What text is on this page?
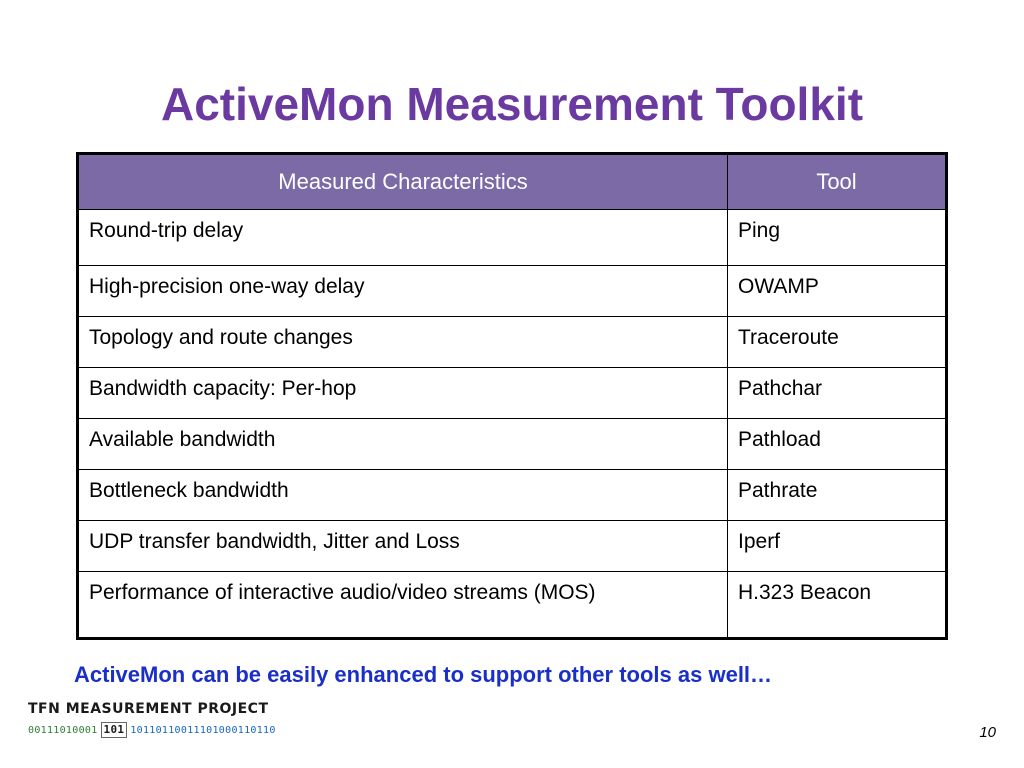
ActiveMon Measurement Toolkit
Measured Characteristics	Tool
Round-trip delay	Ping
High-precision one-way delay	OWAMP
Topology and route changes	Traceroute
Bandwidth capacity: Per-hop	Pathchar
Available bandwidth	Pathload
Bottleneck bandwidth	Pathrate
UDP transfer bandwidth, Jitter and Loss	Iperf
Performance of interactive audio/video streams (MOS)	H.323 Beacon
ActiveMon can be easily enhanced to support other tools as well…
TFN MEASUREMENT PROJECT
00111010001 101 10110110011101000110110	10
